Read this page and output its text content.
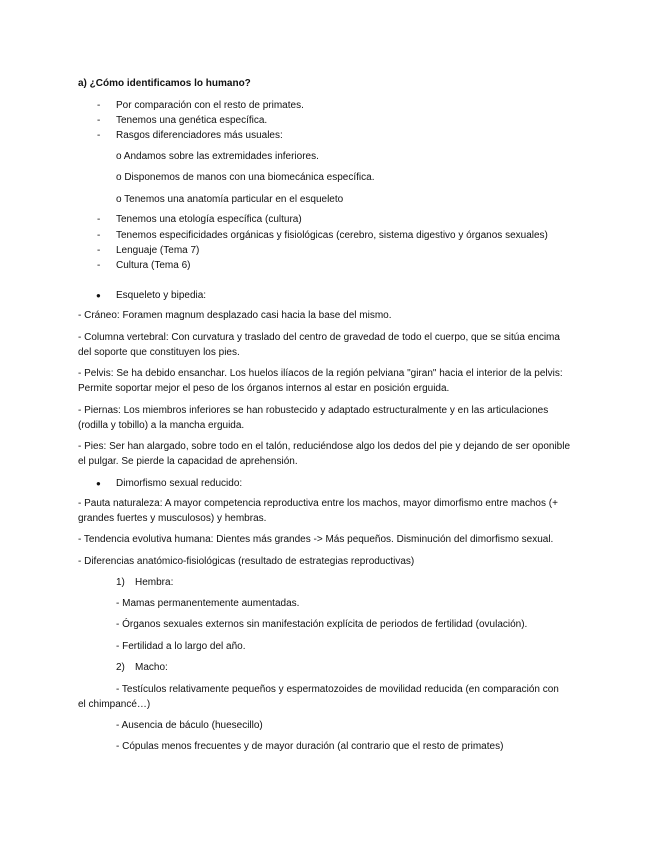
a) ¿Cómo identificamos lo humano?
- Por comparación con el resto de primates.
- Tenemos una genética específica.
- Rasgos diferenciadores más usuales:
o Andamos sobre las extremidades inferiores.
o Disponemos de manos con una biomecánica específica.
o Tenemos una anatomía particular en el esqueleto
- Tenemos una etología específica (cultura)
- Tenemos especificidades orgánicas y fisiológicas (cerebro, sistema digestivo y órganos sexuales)
- Lenguaje (Tema 7)
- Cultura (Tema 6)
● Esqueleto y bipedia:
- Cráneo: Foramen magnum desplazado casi hacia la base del mismo.
- Columna vertebral: Con curvatura y traslado del centro de gravedad de todo el cuerpo, que se sitúa encima
del soporte que constituyen los pies.
- Pelvis: Se ha debido ensanchar. Los huelos ilíacos de la región pelviana "giran" hacia el interior de la pelvis:
Permite soportar mejor el peso de los órganos internos al estar en posición erguida.
- Piernas: Los miembros inferiores se han robustecido y adaptado estructuralmente y en las articulaciones
(rodilla y tobillo) a la mancha erguida.
- Pies: Ser han alargado, sobre todo en el talón, reduciéndose algo los dedos del pie y dejando de ser oponible
el pulgar. Se pierde la capacidad de aprehensión.
● Dimorfismo sexual reducido:
- Pauta naturaleza: A mayor competencia reproductiva entre los machos, mayor dimorfismo entre machos (+
grandes fuertes y musculosos) y hembras.
- Tendencia evolutiva humana: Dientes más grandes -> Más pequeños. Disminución del dimorfismo sexual.
- Diferencias anatómico-fisiológicas (resultado de estrategias reproductivas)
1) Hembra:
- Mamas permanentemente aumentadas.
- Órganos sexuales externos sin manifestación explícita de periodos de fertilidad (ovulación).
- Fertilidad a lo largo del año.
2) Macho:
- Testículos relativamente pequeños y espermatozoides de movilidad reducida (en comparación con
el chimpancé…)
- Ausencia de báculo (huesecillo)
- Cópulas menos frecuentes y de mayor duración (al contrario que el resto de primates)
